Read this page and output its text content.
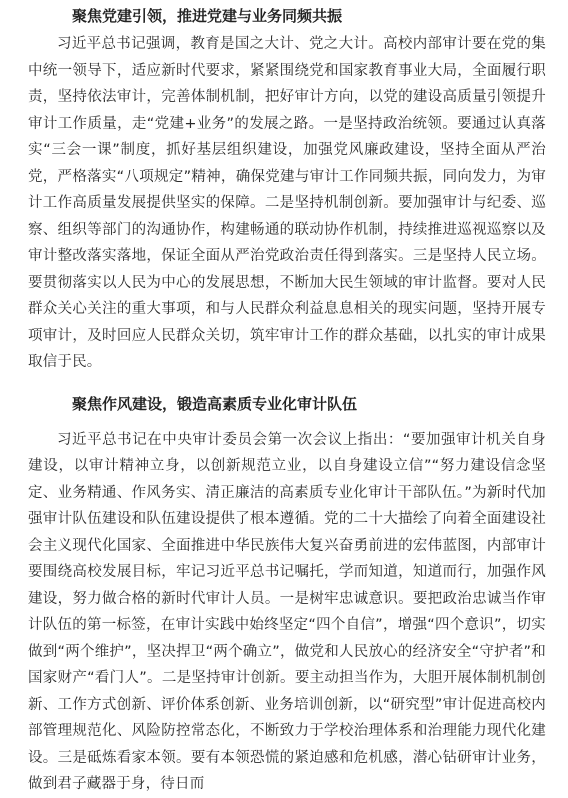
聚焦党建引领，推进党建与业务同频共振

习近平总书记强调，教育是国之大计、党之大计。高校内部审计要在党的集中统一领导下，适应新时代要求，紧紧围绕党和国家教育事业大局，全面履行职责，坚持依法审计，完善体制机制，把好审计方向，以党的建设高质量引领提升审计工作质量，走“党建+业务”的发展之路。一是坚持政治统领。要通过认真落实“三会一课”制度，抓好基层组织建设，加强党风廉政建设，坚持全面从严治党，严格落实“八项规定”精神，确保党建与审计工作同频共振，同向发力，为审计工作高质量发展提供坚实的保障。二是坚持机制创新。要加强审计与纪委、巡察、组织等部门的沟通协作，构建畅通的联动协作机制，持续推进巡视巡察以及审计整改落实落地，保证全面从严治党政治责任得到落实。三是坚持人民立场。要贯彻落实以人民为中心的发展思想，不断加大民生领域的审计监督。要对人民群众关心关注的重大事项，和与人民群众利益息息相关的现实问题，坚持开展专项审计，及时回应人民群众关切，筑牢审计工作的群众基础，以扎实的审计成果取信于民。

聚焦作风建设，锻造高素质专业化审计队伍

习近平总书记在中央审计委员会第一次会议上指出：“要加强审计机关自身建设，以审计精神立身，以创新规范立业，以自身建设立信”“努力建设信念坚定、业务精通、作风务实、清正廉洁的高素质专业化审计干部队伍。”为新时代加强审计队伍建设和队伍建设提供了根本遵循。党的二十大描绘了向着全面建设社会主义现代化国家、全面推进中华民族伟大复兴奋勇前进的宏伟蓝图，内部审计要围绕高校发展目标，牢记习近平总书记嘱托，学而知道，知道而行，加强作风建设，努力做合格的新时代审计人员。一是树牢忠诚意识。要把政治忠诚当作审计队伍的第一标签，在审计实践中始终坚定“四个自信”，增强“四个意识”，切实做到“两个维护”，坚决捍卫“两个确立”，做党和人民放心的经济安全“守护者”和国家财产“看门人”。二是坚持审计创新。要主动担当作为，大胆开展体制机制创新、工作方式创新、评价体系创新、业务培训创新，以“研究型”审计促进高校内部管理规范化、风险防控常态化，不断致力于学校治理体系和治理能力现代化建设。三是砥炼看家本领。要有本领恐慌的紧迫感和危机感，潜心钻研审计业务，做到君子藏器于身，待日而
